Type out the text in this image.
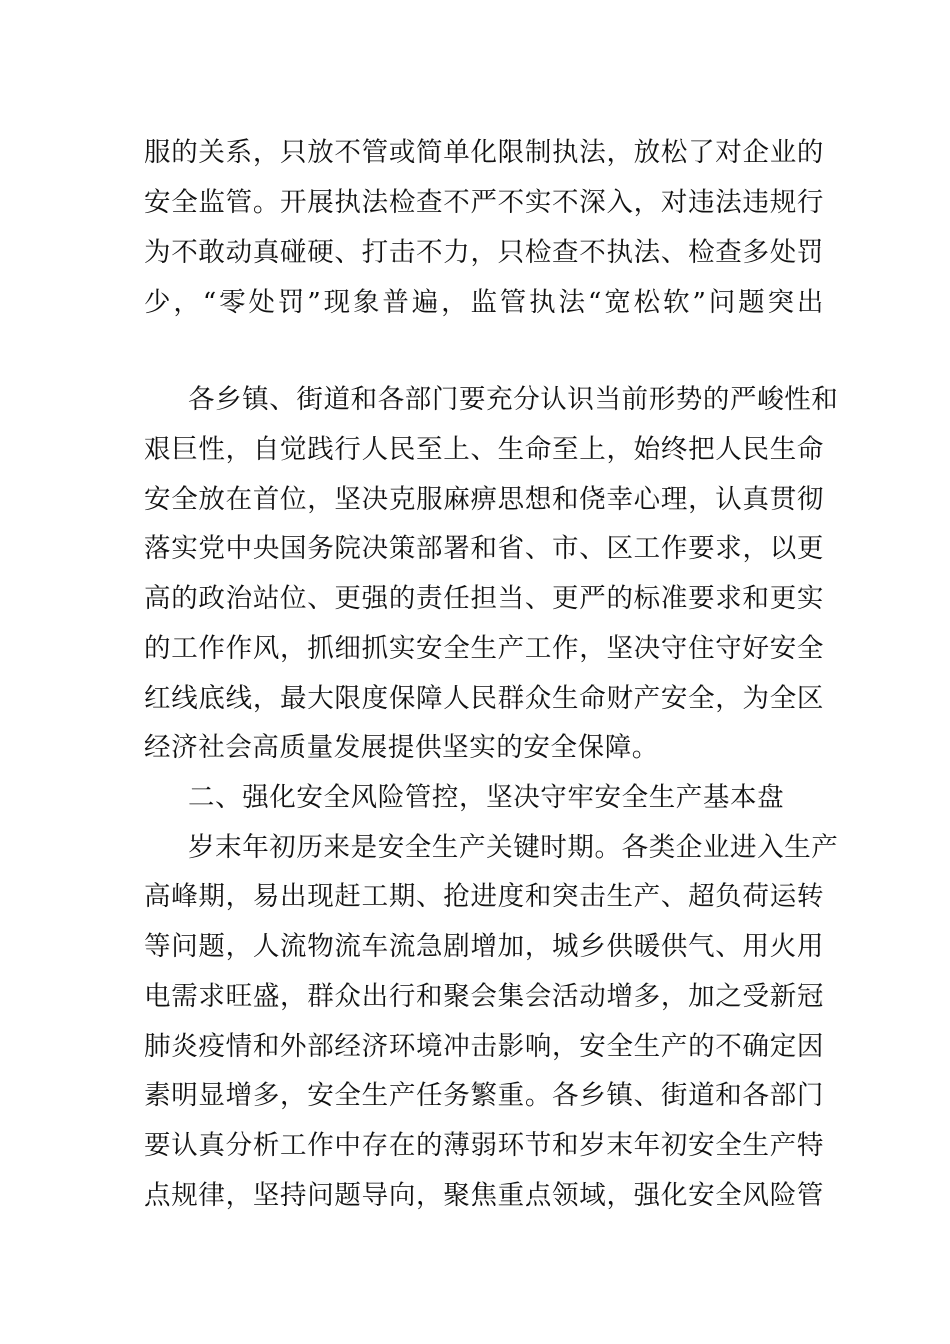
服的关系，只放不管或简单化限制执法，放松了对企业的
安全监管。开展执法检查不严不实不深入，对违法违规行
为不敢动真碰硬、打击不力，只检查不执法、检查多处罚
少，“零处罚”现象普遍，监管执法“宽松软”问题突出
各乡镇、街道和各部门要充分认识当前形势的严峻性和
艰巨性，自觉践行人民至上、生命至上，始终把人民生命
安全放在首位，坚决克服麻痹思想和侥幸心理，认真贯彻
落实党中央国务院决策部署和省、市、区工作要求，以更
高的政治站位、更强的责任担当、更严的标准要求和更实
的工作作风，抓细抓实安全生产工作，坚决守住守好安全
红线底线，最大限度保障人民群众生命财产安全，为全区
经济社会高质量发展提供坚实的安全保障。
二、强化安全风险管控，坚决守牢安全生产基本盘
岁末年初历来是安全生产关键时期。各类企业进入生产
高峰期，易出现赶工期、抢进度和突击生产、超负荷运转
等问题，人流物流车流急剧增加，城乡供暖供气、用火用
电需求旺盛，群众出行和聚会集会活动增多，加之受新冠
肺炎疫情和外部经济环境冲击影响，安全生产的不确定因
素明显增多，安全生产任务繁重。各乡镇、街道和各部门
要认真分析工作中存在的薄弱环节和岁末年初安全生产特
点规律，坚持问题导向，聚焦重点领域，强化安全风险管
